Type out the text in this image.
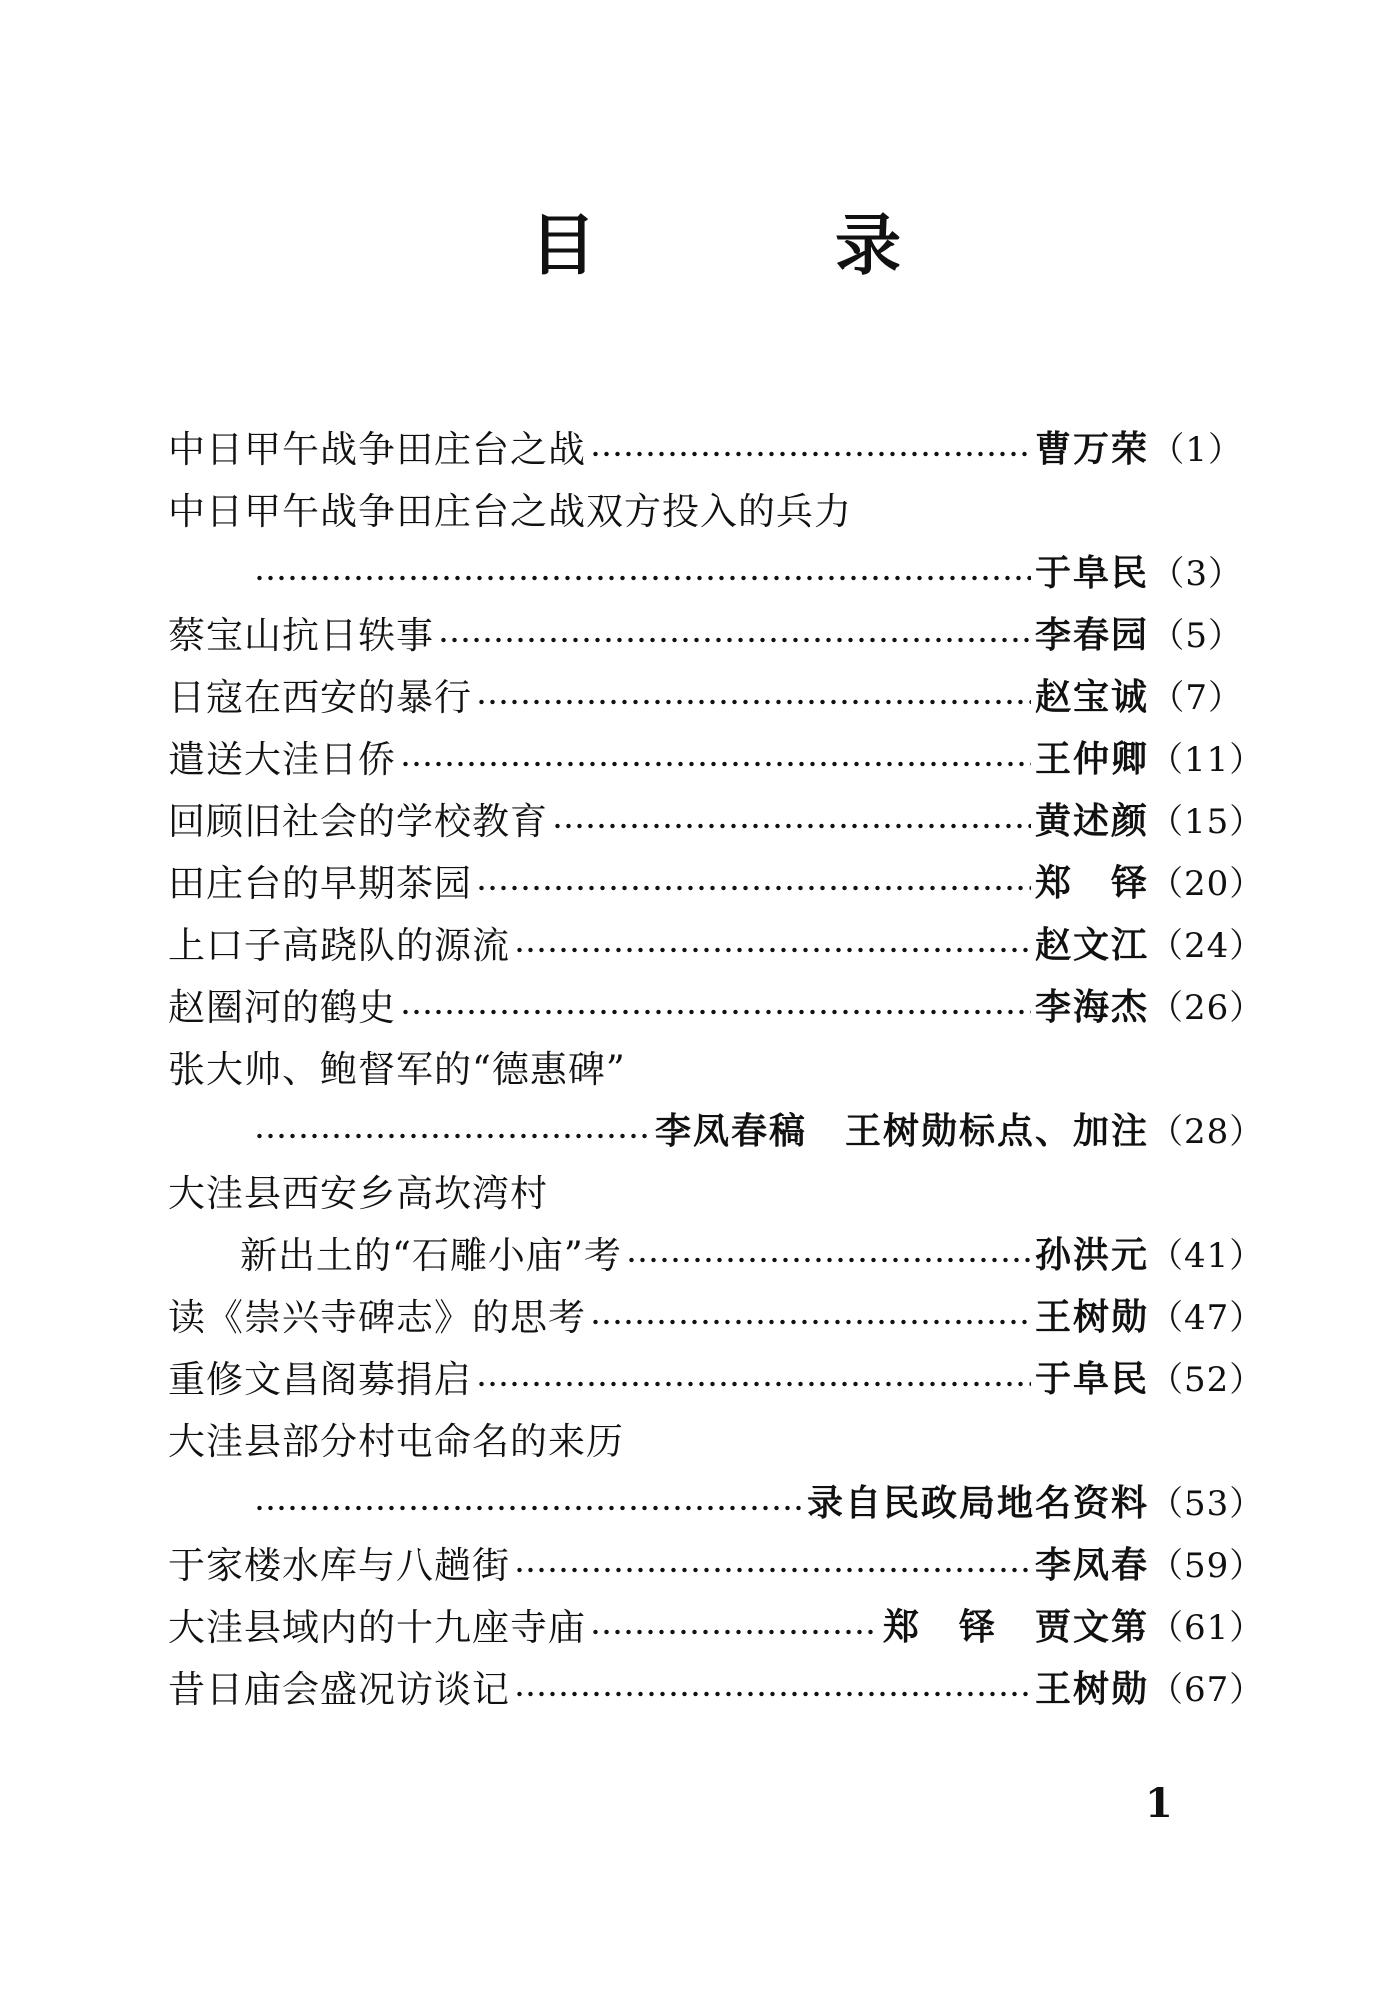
目	录
中日甲午战争田庄台之战	曹万荣 （1）
中日甲午战争田庄台之战双方投入的兵力
于阜民 （3）
蔡宝山抗日轶事	李春园 （5）
日寇在西安的暴行	赵宝诚 （7）
遣送大洼日侨	王仲卿 （11）
回顾旧社会的学校教育	黄述颜 （15）
田庄台的早期茶园	郑　铎 （20）
上口子高跷队的源流	赵文江 （24）
赵圈河的鹤史	李海杰 （26）
张大帅、鲍督军的“德惠碑”
李凤春稿　王树勋标点、加注 （28）
大洼县西安乡高坎湾村
新出土的“石雕小庙”考	孙洪元 （41）
读《崇兴寺碑志》的思考	王树勋 （47）
重修文昌阁募捐启	于阜民 （52）
大洼县部分村屯命名的来历
录自民政局地名资料 （53）
于家楼水库与八趟街	李凤春 （59）
大洼县域内的十九座寺庙	郑　铎　贾文第 （61）
昔日庙会盛况访谈记	王树勋 （67）
1
